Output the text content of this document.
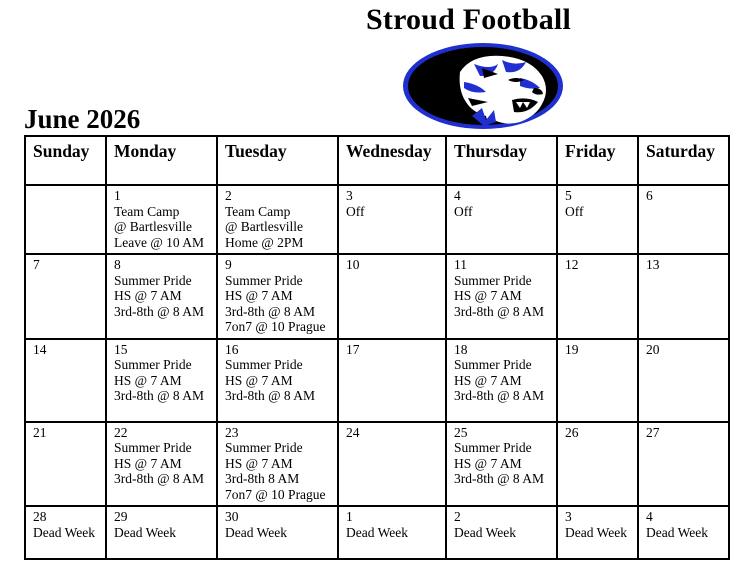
Stroud Football
June 2026
Sunday	Monday	Tuesday	Wednesday	Thursday	Friday	Saturday

	1
Team Camp
@ Bartlesville
Leave @ 10 AM	2
Team Camp
@ Bartlesville
Home @ 2PM	3
Off	4
Off	5
Off	6

7	8
Summer Pride
HS @ 7 AM
3rd-8th @ 8 AM	9
Summer Pride
HS @ 7 AM
3rd-8th @ 8 AM
7on7 @ 10 Prague	10	11
Summer Pride
HS @ 7 AM
3rd-8th @ 8 AM	12	13

14	15
Summer Pride
HS @ 7 AM
3rd-8th @ 8 AM	16
Summer Pride
HS @ 7 AM
3rd-8th @ 8 AM	17	18
Summer Pride
HS @ 7 AM
3rd-8th @ 8 AM	19	20

21	22
Summer Pride
HS @ 7 AM
3rd-8th @ 8 AM	23
Summer Pride
HS @ 7 AM
3rd-8th 8 AM
7on7 @ 10 Prague	24	25
Summer Pride
HS @ 7 AM
3rd-8th @ 8 AM	26	27

28
Dead Week	29
Dead Week	30
Dead Week	1
Dead Week	2
Dead Week	3
Dead Week	4
Dead Week
